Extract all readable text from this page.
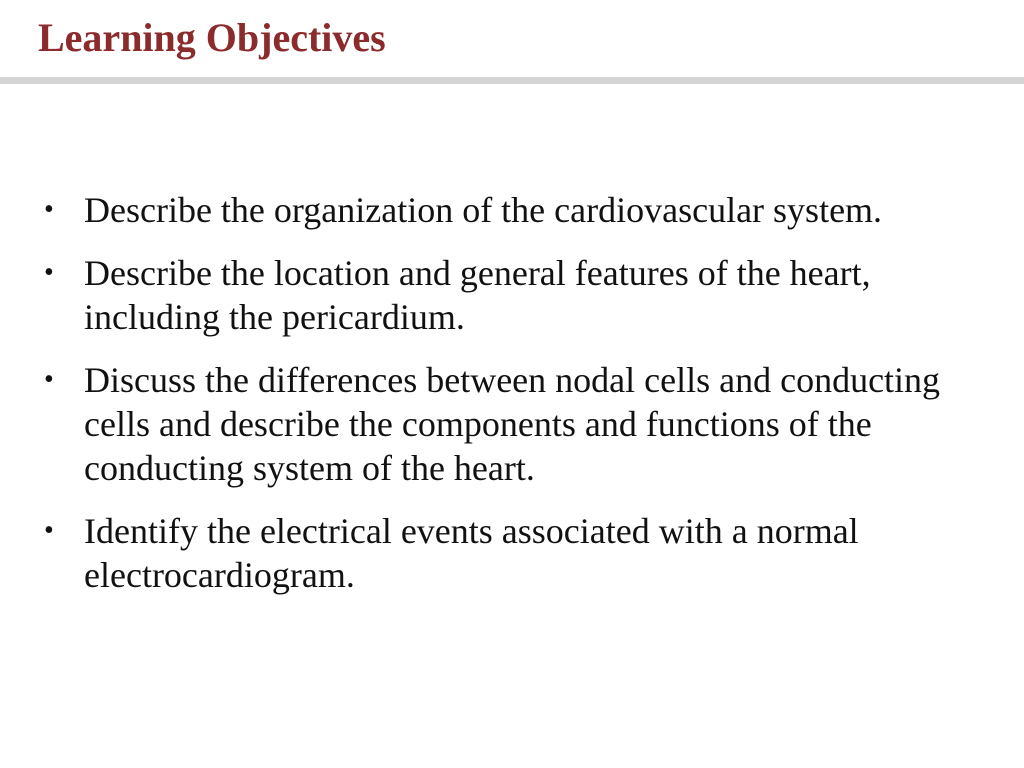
Learning Objectives
• Describe the organization of the cardiovascular system.
• Describe the location and general features of the heart, including the pericardium.
• Discuss the differences between nodal cells and conducting cells and describe the components and functions of the conducting system of the heart.
• Identify the electrical events associated with a normal electrocardiogram.
